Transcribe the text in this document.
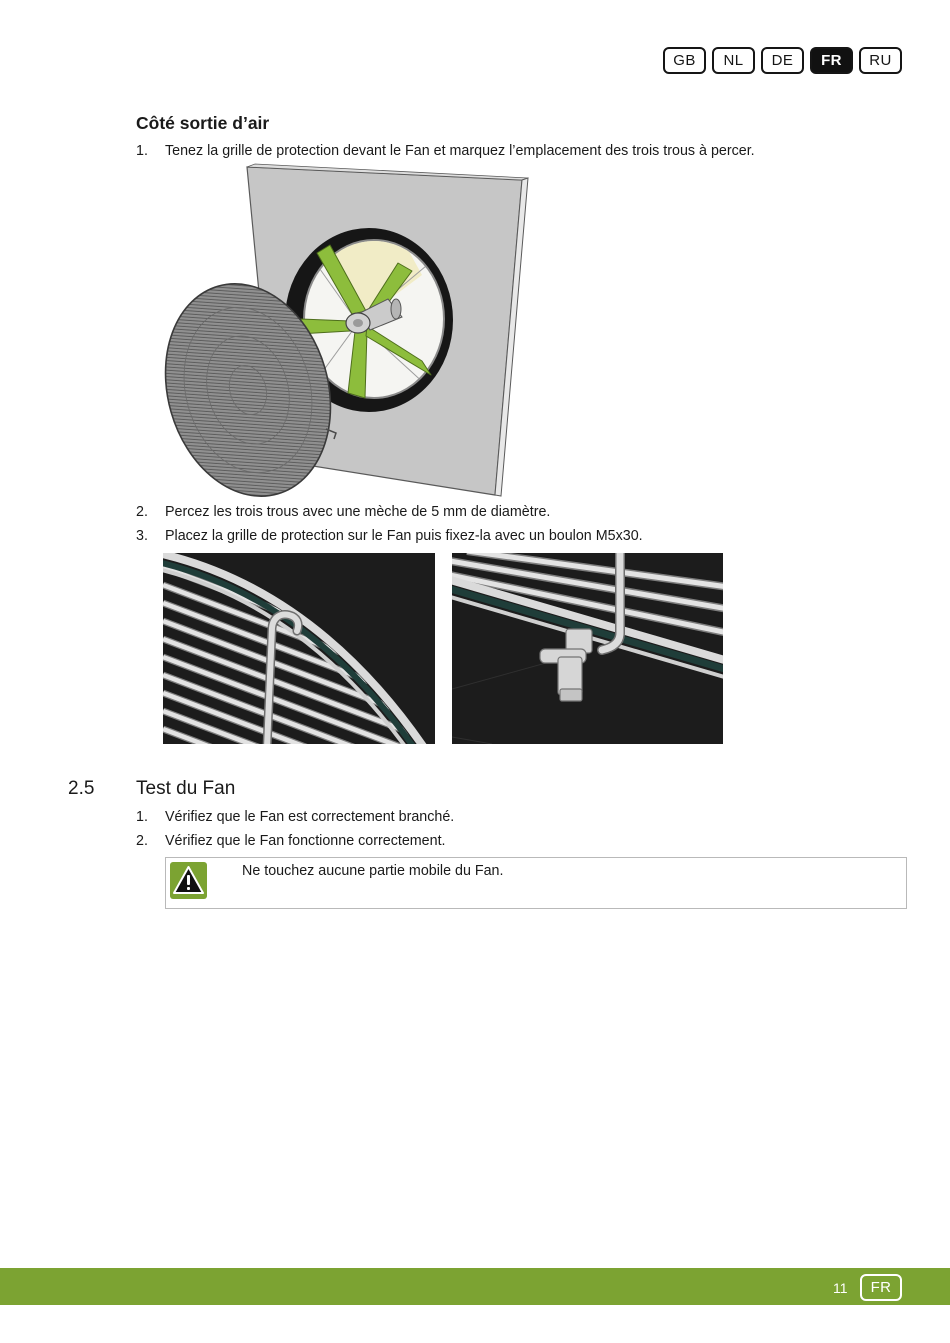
GB	NL	DE	FR	RU
Côté sortie d’air
1.	Tenez la grille de protection devant le Fan et marquez l’emplacement des trois trous à percer.
2.	Percez les trois trous avec une mèche de 5 mm de diamètre.
3.	Placez la grille de protection sur le Fan puis fixez-la avec un boulon M5x30.
2.5 Test du Fan
1.	Vérifiez que le Fan est correctement branché.
2.	Vérifiez que le Fan fonctionne correctement.
Ne touchez aucune partie mobile du Fan.
11	FR
